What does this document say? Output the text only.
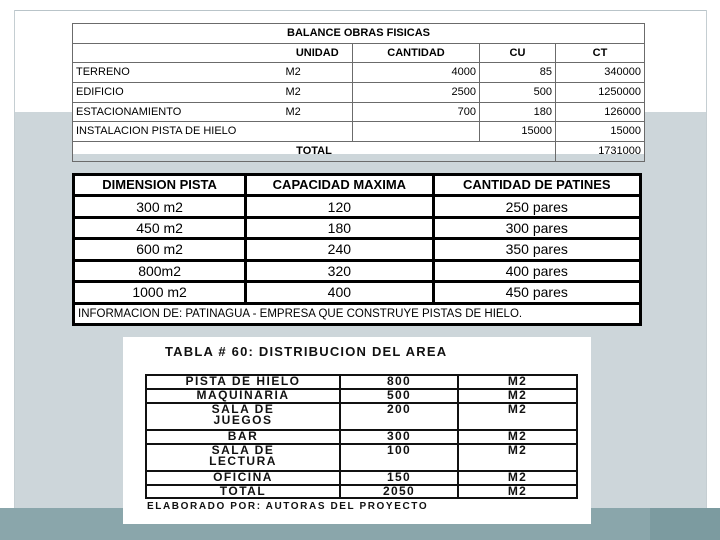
BALANCE OBRAS FISICAS				
	UNIDAD	CANTIDAD	CU	CT
TERRENO	M2	4000	85	340000
EDIFICIO	M2	2500	500	1250000
ESTACIONAMIENTO	M2	700	180	126000
INSTALACION PISTA DE HIELO			15000	15000
TOTAL				1731000
DIMENSION PISTA	CAPACIDAD MAXIMA	CANTIDAD DE PATINES
300 m2	120	250 pares
450 m2	180	300 pares
600 m2	240	350 pares
800m2	320	400 pares
1000 m2	400	450 pares
INFORMACION DE: PATINAGUA - EMPRESA QUE CONSTRUYE PISTAS DE HIELO.		
TABLA # 60: DISTRIBUCION DEL AREA
PISTA DE HIELO	800	M2
MAQUINARIA	500	M2
SALA DE JUEGOS	200	M2
BAR	300	M2
SALA DE LECTURA	100	M2
OFICINA	150	M2
TOTAL	2050	M2
ELABORADO POR: AUTORAS DEL PROYECTO
